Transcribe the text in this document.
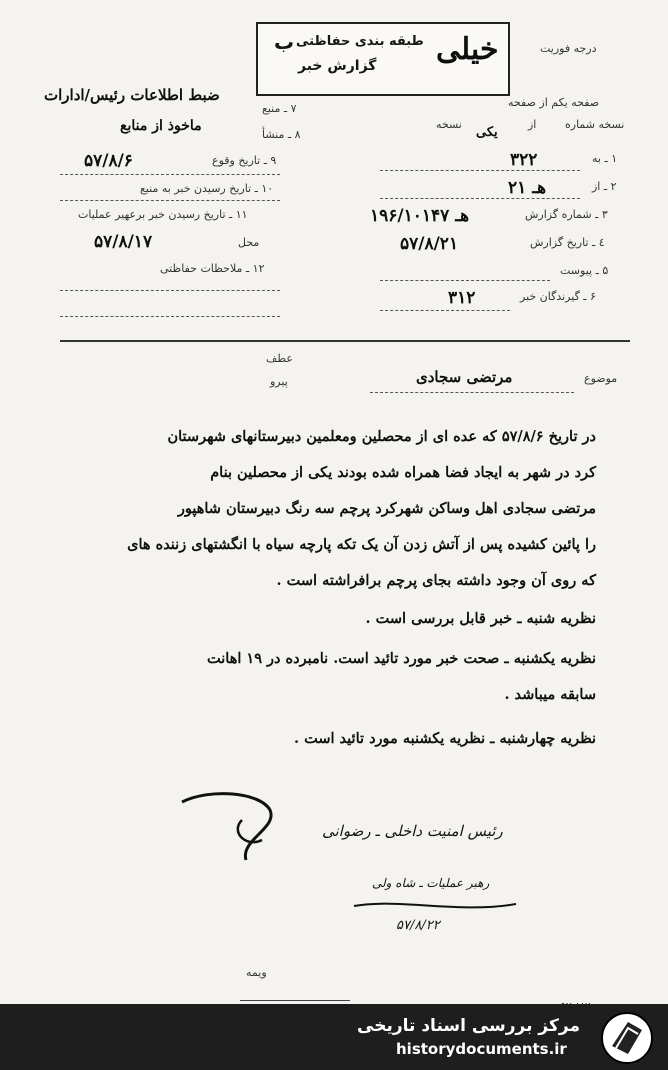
خیلی
طبقه بندی حفاظتی
ب
گزارش خبر
درجه فوریت
صفحه یکم از صفحه
نسخه شماره
از
یکی
نسخه
۱ ـ به
۳۲۲
۲ ـ از
۲۱ هـ
۳ ـ شماره گزارش
۱۹۶/۱۰۱۴۷ هـ
٤ ـ تاریخ گزارش
۵۷/۸/۲۱
۵ ـ پیوست
۶ ـ گیرندگان خبر
۳۱۲
ضبط اطلاعات رئیس/ادارات
۷ ـ منبع
ماخوذ از منابع
۸ ـ منشأ
۹ ـ تاریخ وقوع
۵۷/۸/۶
۱۰ ـ تاریخ رسیدن خبر به منبع
۱۱ ـ تاریخ رسیدن خبر برعهیر عملیات
محل
۵۷/۸/۱۷
۱۲ ـ ملاحظات حفاظتی
عطف
پیرو	موضوع
مرتضی سجادی
در تاریخ ۵۷/۸/۶ که عده ای از محصلین ومعلمین دبیرستانهای شهرستان
کرد در شهر به ایجاد فضا همراه شده بودند یکی از محصلین بنام
مرتضی سجادی اهل وساکن شهرکرد پرچم سه رنگ دبیرستان شاهپور
را پائین کشیده پس از آتش زدن آن یک تکه پارچه سیاه با انگشتهای زننده های
که روی آن وجود داشته بجای پرچم برافراشته است .
نظریه شنبه ـ خبر قابل بررسی است .
نظریه یکشنبه ـ صحت خبر مورد تائید است. نامبرده در ۱۹ اهانت
سابقه میباشد .
نظریه چهارشنبه ـ نظریه یکشنبه مورد تائید است .
رئیس امنیت داخلی ـ رضوانی
رهبر عملیات ـ شاه ولی
۵۷/۸/۲۲
ویمه
مرکز بررسی اسناد تاریخی
historydocuments.ir
